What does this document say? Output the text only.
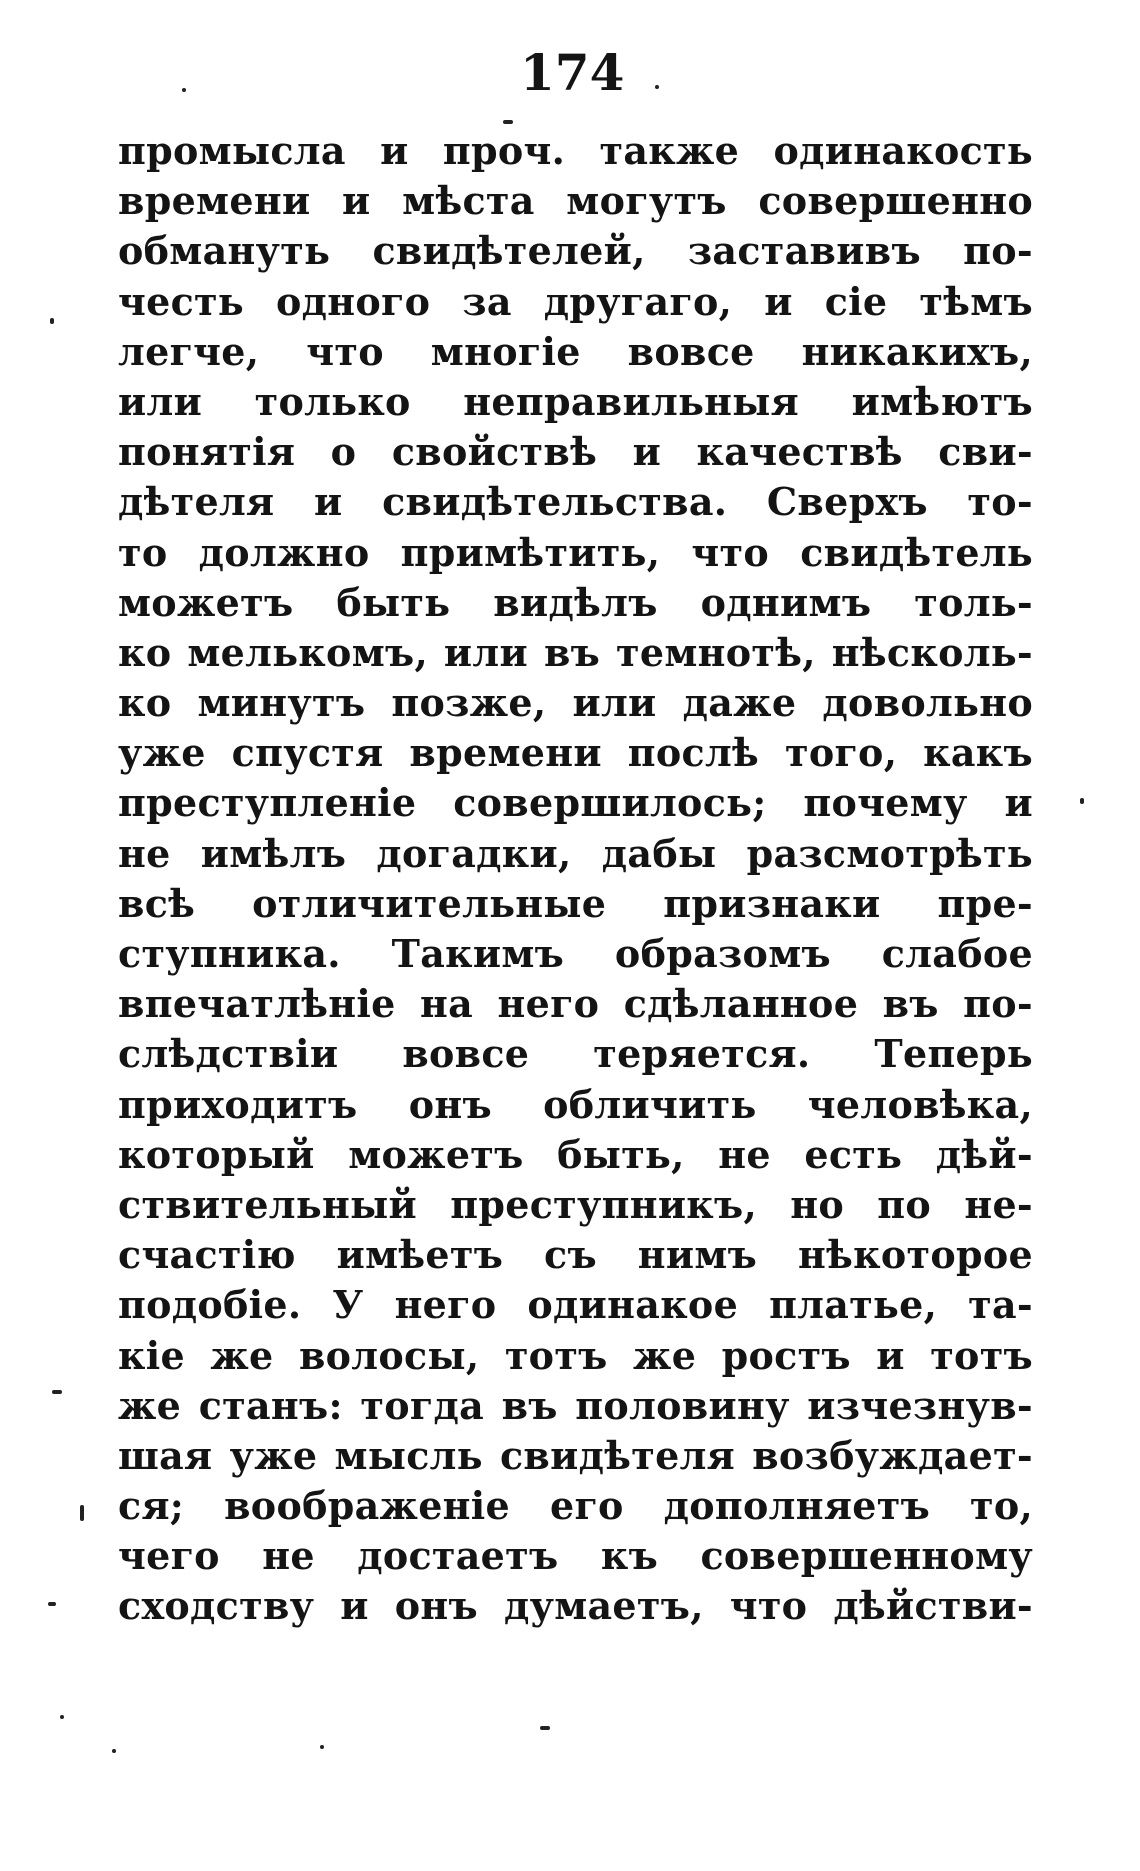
174
промысла и проч. также одинакость
времени и мѣста могутъ совершенно
обмануть свидѣтелей, заставивъ по-
честь одного за другаго, и сіе тѣмъ
легче, что многіе вовсе никакихъ,
или только неправильныя имѣютъ
понятія о свойствѣ и качествѣ сви-
дѣтеля и свидѣтельства. Сверхъ то-
то должно примѣтить, что свидѣтель
можетъ быть видѣлъ однимъ толь-
ко мелькомъ, или въ темнотѣ, нѣсколь-
ко минутъ позже, или даже довольно
уже спустя времени послѣ того, какъ
преступленіе совершилось; почему и
не имѣлъ догадки, дабы разсмотрѣть
всѣ отличительные признаки пре-
ступника. Такимъ образомъ слабое
впечатлѣніе на него сдѣланное въ по-
слѣдствіи вовсе теряется. Теперь
приходитъ онъ обличить человѣка,
который можетъ быть, не есть дѣй-
ствительный преступникъ, но по не-
счастію имѣетъ съ нимъ нѣкоторое
подобіе. У него одинакое платье, та-
кіе же волосы, тотъ же ростъ и тотъ
же станъ: тогда въ половину изчезнув-
шая уже мысль свидѣтеля возбуждает-
ся; воображеніе его дополняетъ то,
чего не достаетъ къ совершенному
сходству и онъ думаетъ, что дѣйстви-
